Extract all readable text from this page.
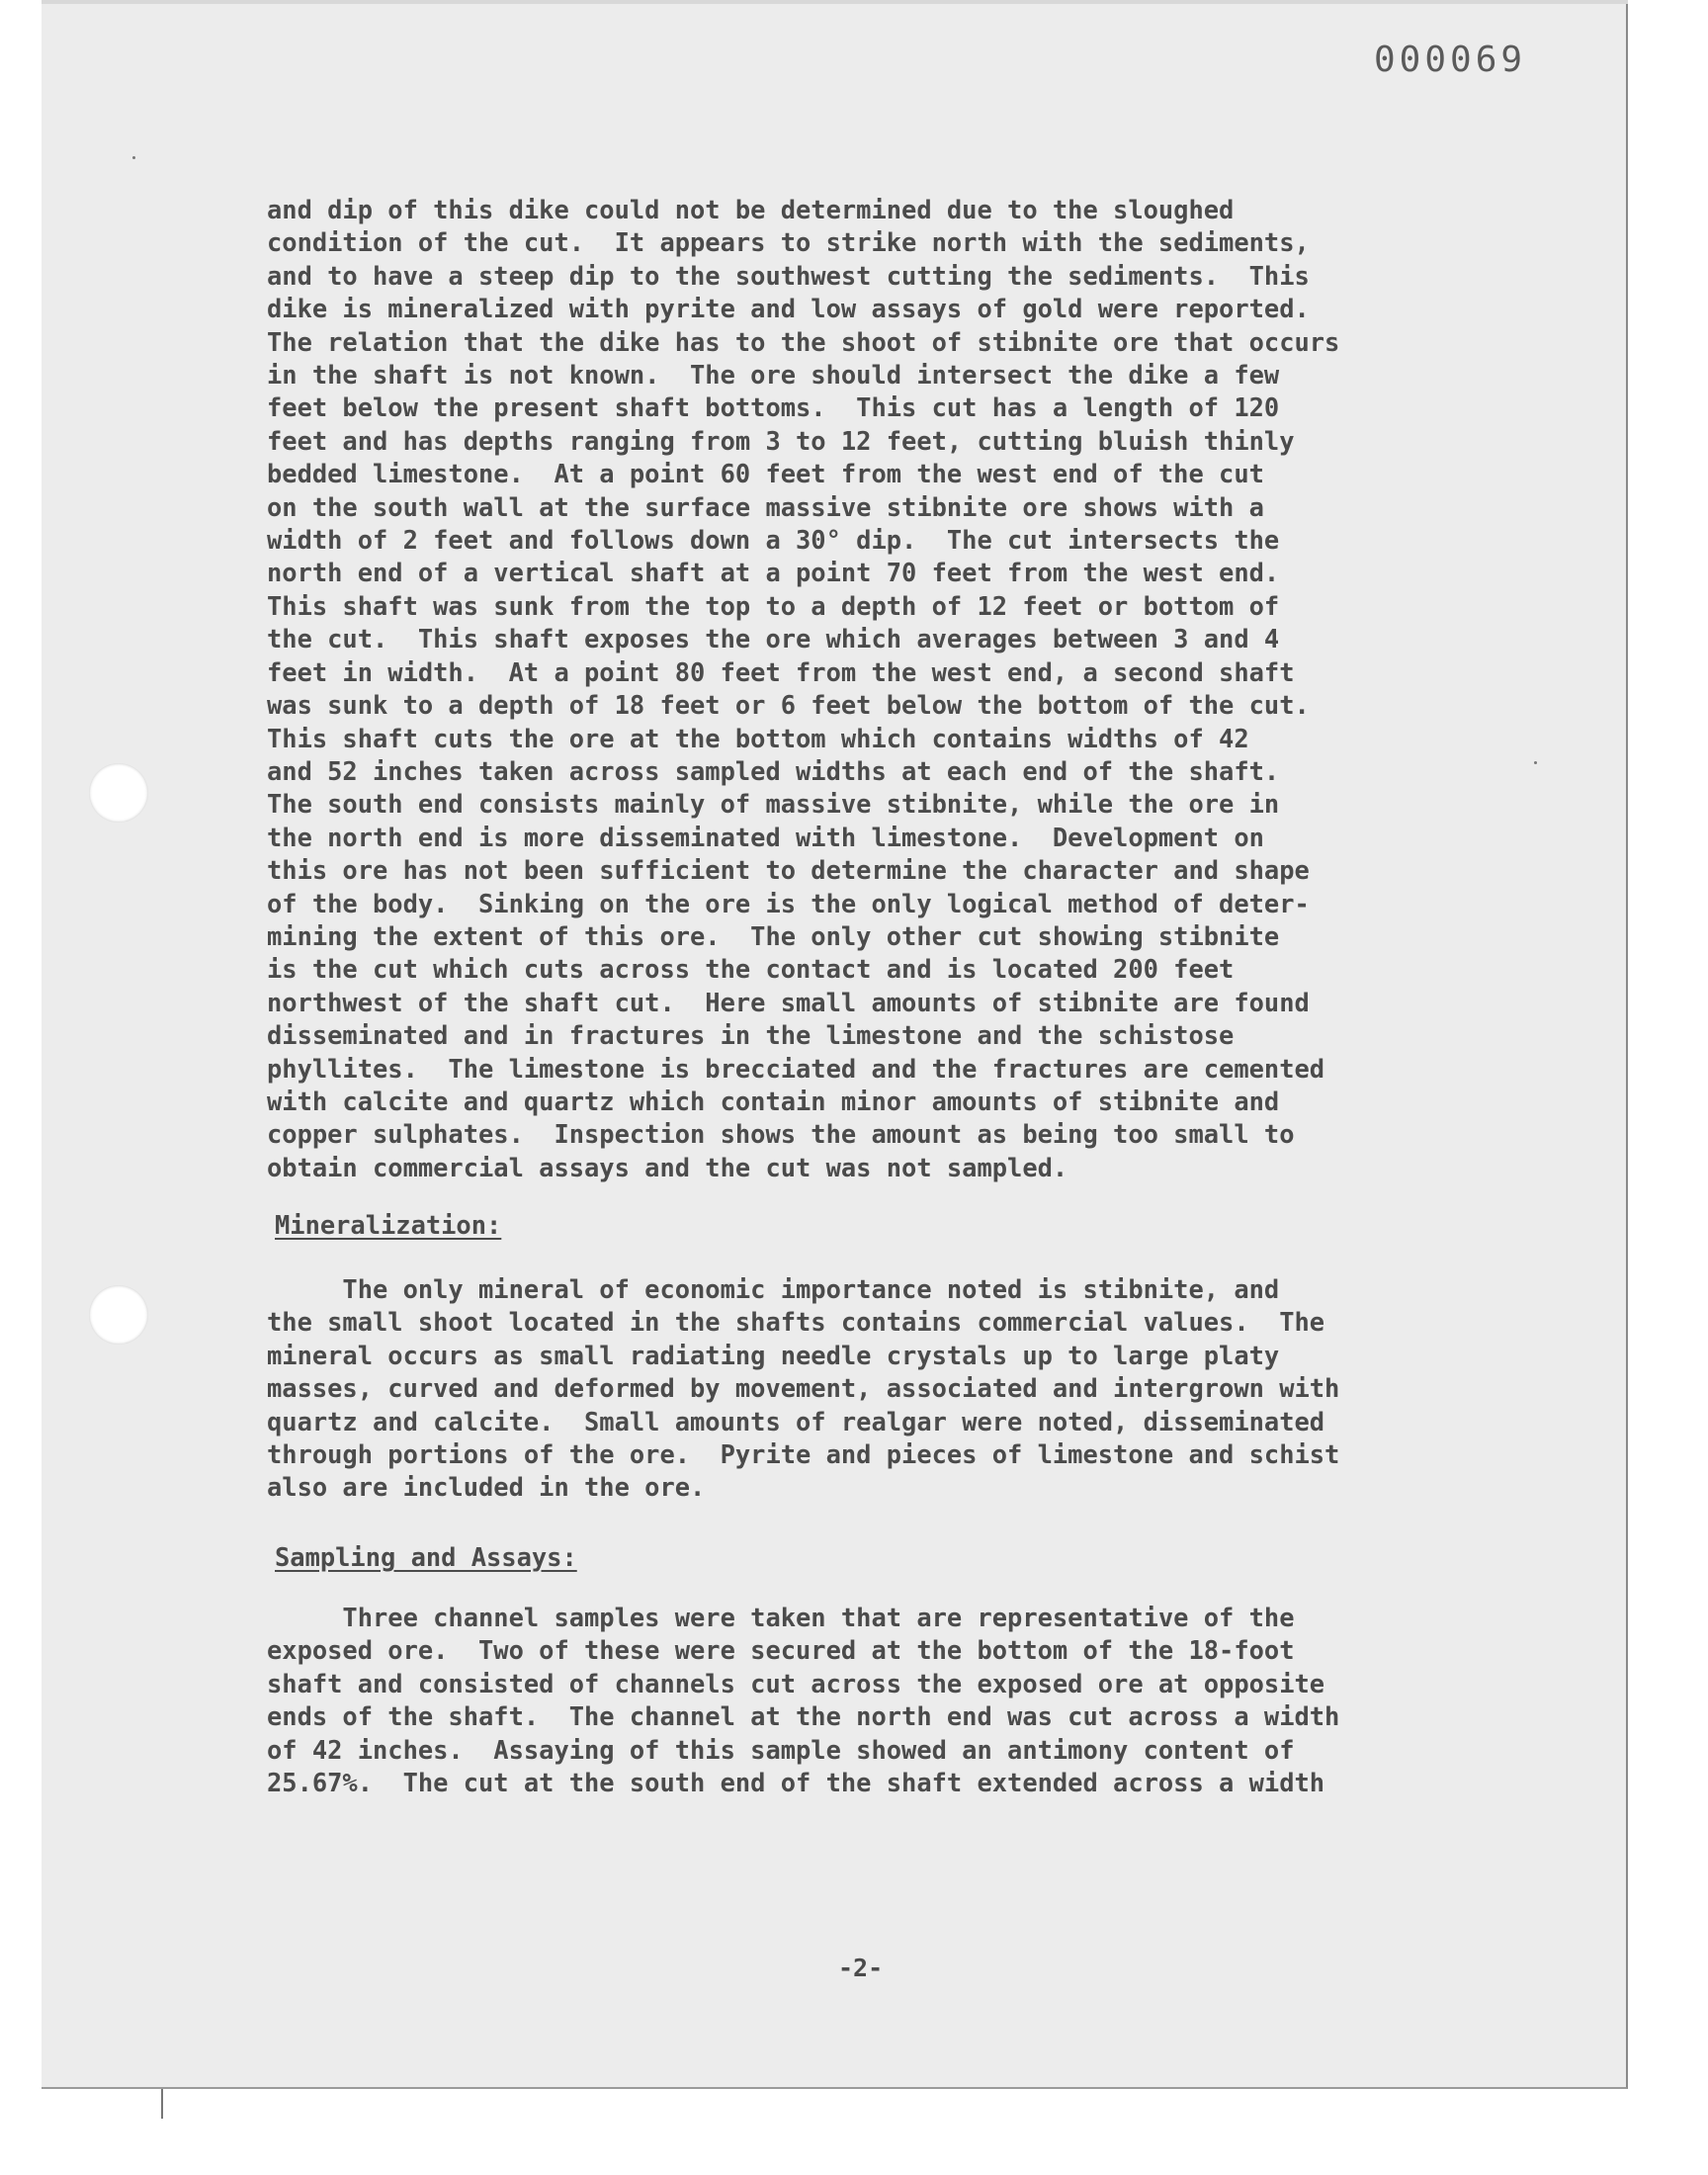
000069
and dip of this dike could not be determined due to the sloughed
condition of the cut.  It appears to strike north with the sediments,
and to have a steep dip to the southwest cutting the sediments.  This
dike is mineralized with pyrite and low assays of gold were reported.
The relation that the dike has to the shoot of stibnite ore that occurs
in the shaft is not known.  The ore should intersect the dike a few
feet below the present shaft bottoms.  This cut has a length of 120
feet and has depths ranging from 3 to 12 feet, cutting bluish thinly
bedded limestone.  At a point 60 feet from the west end of the cut
on the south wall at the surface massive stibnite ore shows with a
width of 2 feet and follows down a 30° dip.  The cut intersects the
north end of a vertical shaft at a point 70 feet from the west end.
This shaft was sunk from the top to a depth of 12 feet or bottom of
the cut.  This shaft exposes the ore which averages between 3 and 4
feet in width.  At a point 80 feet from the west end, a second shaft
was sunk to a depth of 18 feet or 6 feet below the bottom of the cut.
This shaft cuts the ore at the bottom which contains widths of 42
and 52 inches taken across sampled widths at each end of the shaft.
The south end consists mainly of massive stibnite, while the ore in
the north end is more disseminated with limestone.  Development on
this ore has not been sufficient to determine the character and shape
of the body.  Sinking on the ore is the only logical method of deter-
mining the extent of this ore.  The only other cut showing stibnite
is the cut which cuts across the contact and is located 200 feet
northwest of the shaft cut.  Here small amounts of stibnite are found
disseminated and in fractures in the limestone and the schistose
phyllites.  The limestone is brecciated and the fractures are cemented
with calcite and quartz which contain minor amounts of stibnite and
copper sulphates.  Inspection shows the amount as being too small to
obtain commercial assays and the cut was not sampled.
Mineralization:
The only mineral of economic importance noted is stibnite, and
the small shoot located in the shafts contains commercial values.  The
mineral occurs as small radiating needle crystals up to large platy
masses, curved and deformed by movement, associated and intergrown with
quartz and calcite.  Small amounts of realgar were noted, disseminated
through portions of the ore.  Pyrite and pieces of limestone and schist
also are included in the ore.
Sampling and Assays:
Three channel samples were taken that are representative of the
exposed ore.  Two of these were secured at the bottom of the 18-foot
shaft and consisted of channels cut across the exposed ore at opposite
ends of the shaft.  The channel at the north end was cut across a width
of 42 inches.  Assaying of this sample showed an antimony content of
25.67%.  The cut at the south end of the shaft extended across a width
-2-
